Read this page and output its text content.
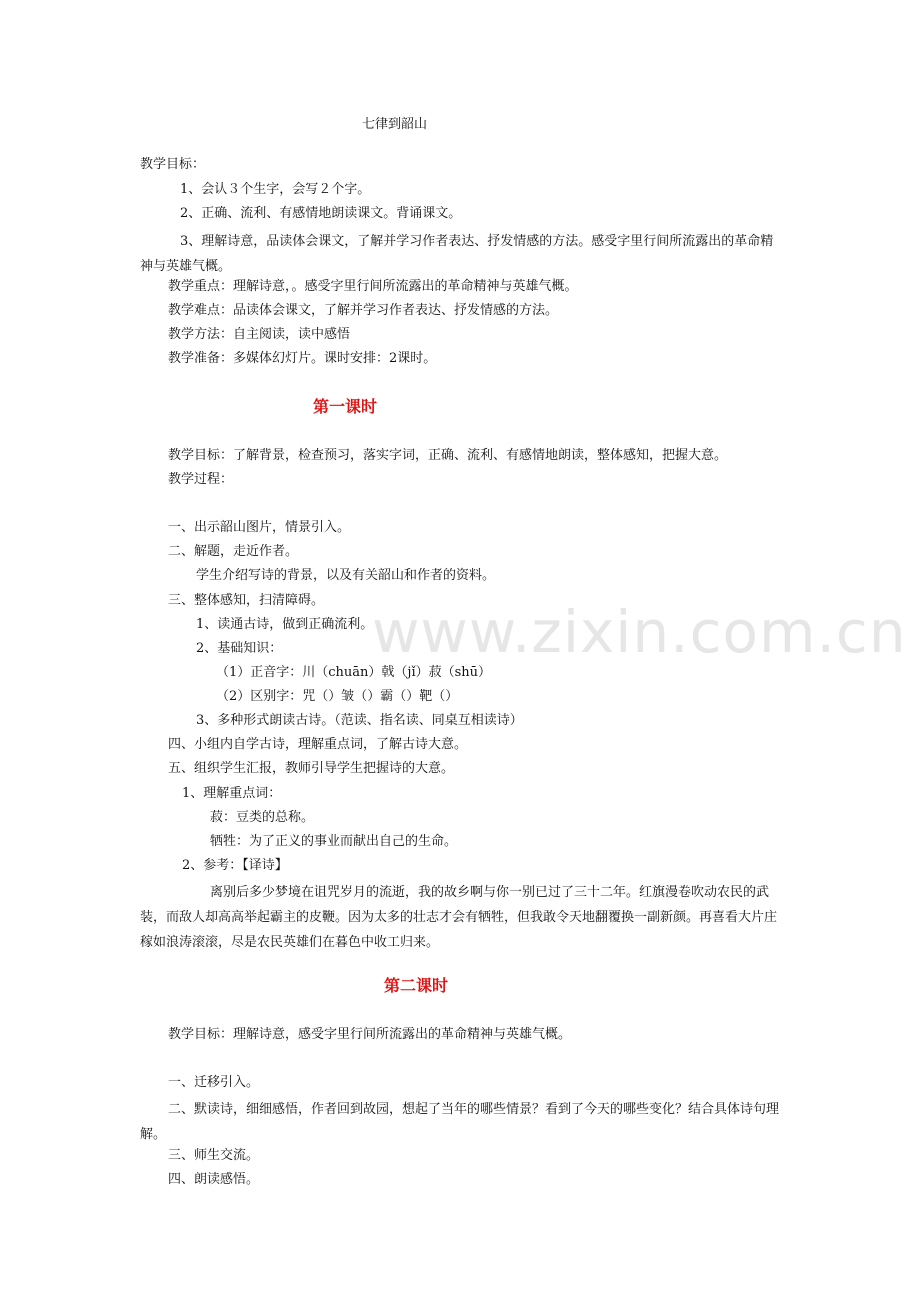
www.zixin.com.cn
七律到韶山
教学目标：
1、会认３个生字，会写２个字。
2、正确、流利、有感情地朗读课文。背诵课文。
3、理解诗意，品读体会课文，了解并学习作者表达、抒发情感的方法。感受字里行间所流露出的革命精神与英雄气概。
教学重点：理解诗意，。感受字里行间所流露出的革命精神与英雄气概。
教学难点：品读体会课文，了解并学习作者表达、抒发情感的方法。
教学方法：自主阅读，读中感悟
教学准备：多媒体幻灯片。课时安排：2课时。
第一课时
教学目标：了解背景，检查预习，落实字词，正确、流利、有感情地朗读，整体感知，把握大意。
教学过程：
一、出示韶山图片，情景引入。
二、解题，走近作者。
学生介绍写诗的背景，以及有关韶山和作者的资料。
三、整体感知，扫清障碍。
1、读通古诗，做到正确流利。
2、基础知识：
（1）正音字：川（chuān）戟（jǐ）菽（shū）
（2）区别字：咒（）皱（）霸（）靶（）
3、多种形式朗读古诗。（范读、指名读、同桌互相读诗）
四、小组内自学古诗，理解重点词，了解古诗大意。
五、组织学生汇报，教师引导学生把握诗的大意。
1、理解重点词：
菽：豆类的总称。
牺牲：为了正义的事业而献出自己的生命。
2、参考：【译诗】
离别后多少梦境在诅咒岁月的流逝，我的故乡啊与你一别已过了三十二年。红旗漫卷吹动农民的武装，而敌人却高高举起霸主的皮鞭。因为太多的壮志才会有牺牲，但我敢令天地翻覆换一副新颜。再喜看大片庄稼如浪涛滚滚，尽是农民英雄们在暮色中收工归来。
第二课时
教学目标：理解诗意，感受字里行间所流露出的革命精神与英雄气概。
一、迁移引入。
二、默读诗，细细感悟，作者回到故园，想起了当年的哪些情景？看到了今天的哪些变化？结合具体诗句理解。
三、师生交流。
四、朗读感悟。
